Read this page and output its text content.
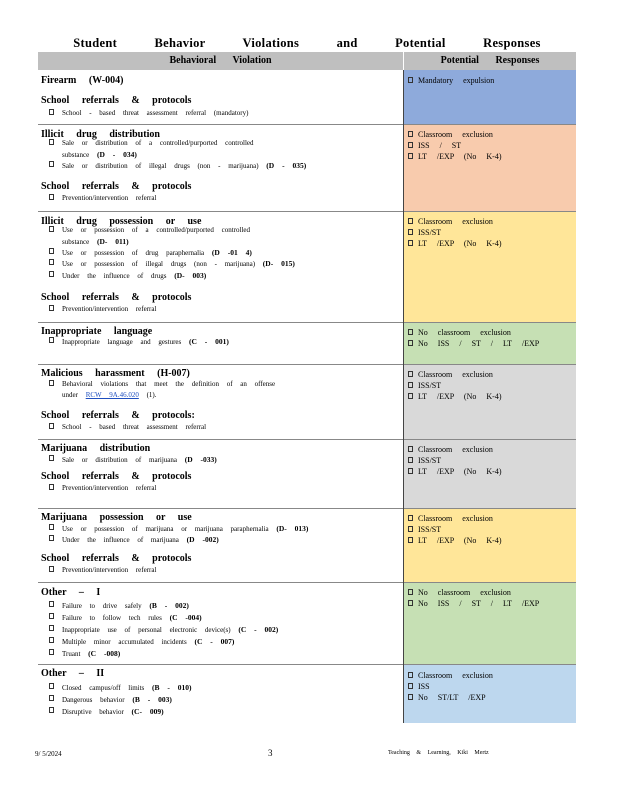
Student Behavior Violations and Potential Responses
Behavioral Violation	Potential Responses
Firearm (W-004)
School referrals & protocols
School - based threat assessment referral (mandatory)
Mandatory expulsion
Illicit drug distribution
Sale or distribution of a controlled/purported controlled
substance (D - 034)
Sale or distribution of illegal drugs (non - marijuana) (D - 035)
School referrals & protocols
Prevention/intervention referral
Classroom exclusion
ISS / ST
LT /EXP (No K-4)
Illicit drug possession or use
Use or possession of a controlled/purported controlled
substance (D- 011)
Use or possession of drug paraphernalia (D -01 4)
Use or possession of illegal drugs (non - marijuana) (D- 015)
Under the influence of drugs (D- 003)
School referrals & protocols
Prevention/intervention referral
Classroom exclusion
ISS/ST
LT /EXP (No K-4)
Inappropriate language
Inappropriate language and gestures (C - 001)
No classroom exclusion
No ISS / ST / LT /EXP
Malicious harassment (H-007)
Behavioral violations that meet the definition of an offense
under RCW 9A.46.020 (1).
School referrals & protocols:
School - based threat assessment referral
Classroom exclusion
ISS/ST
LT /EXP (No K-4)
Marijuana distribution
Sale or distribution of marijuana (D -033)
School referrals & protocols
Prevention/intervention referral
Classroom exclusion
ISS/ST
LT /EXP (No K-4)
Marijuana possession or use
Use or possession of marijuana or marijuana paraphernalia (D- 013)
Under the influence of marijuana (D -002)
School referrals & protocols
Prevention/intervention referral
Classroom exclusion
ISS/ST
LT /EXP (No K-4)
Other – I
Failure to drive safely (B - 002)
Failure to follow tech rules (C -004)
Inappropriate use of personal electronic device(s) (C - 002)
Multiple minor accumulated incidents (C - 007)
Truant (C -008)
No classroom exclusion
No ISS / ST / LT /EXP
Other – II
Closed campus/off limits (B - 010)
Dangerous behavior (B - 003)
Disruptive behavior (C- 009)
Classroom exclusion
ISS
No ST/LT /EXP
9/ 5/2024	3	Teaching & Learning, Kiki Mertz
